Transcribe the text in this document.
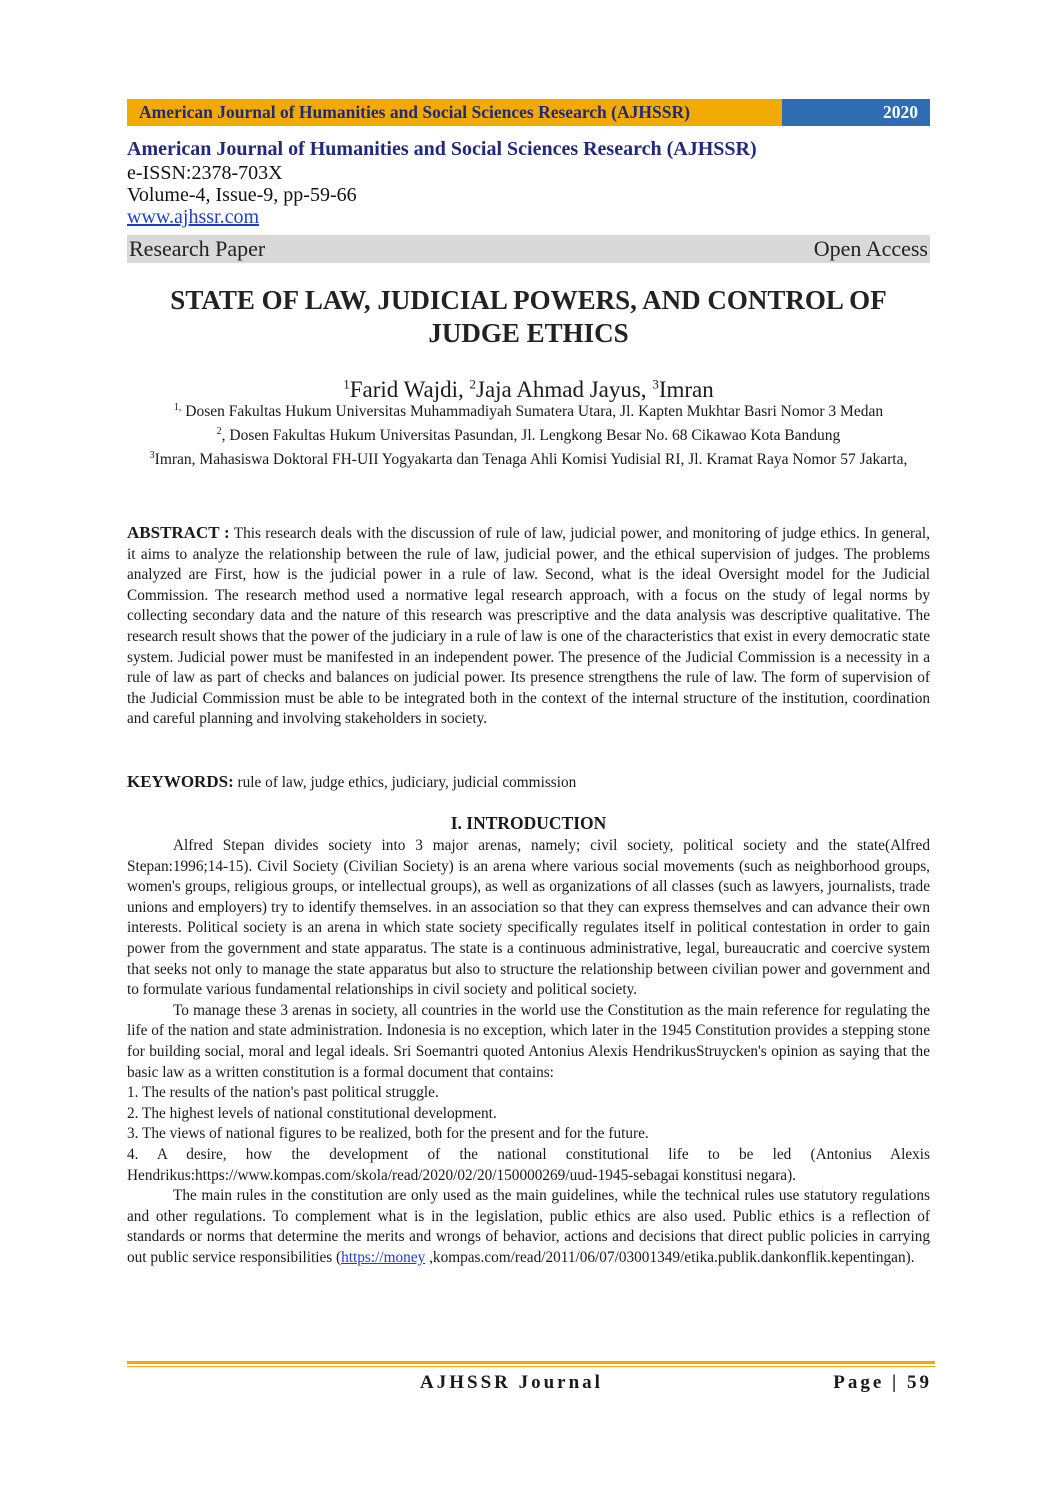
American Journal of Humanities and Social Sciences Research (AJHSSR)	2020
American Journal of Humanities and Social Sciences Research (AJHSSR)
e-ISSN:2378-703X
Volume-4, Issue-9, pp-59-66
www.ajhssr.com
Research Paper	Open Access
STATE OF LAW, JUDICIAL POWERS, AND CONTROL OF
JUDGE ETHICS
$^1$Farid Wajdi, $^2$Jaja Ahmad Jayus, $^3$Imran
$^{1,}$ Dosen Fakultas Hukum Universitas Muhammadiyah Sumatera Utara, Jl. Kapten Mukhtar Basri Nomor 3 Medan
$^2$, Dosen Fakultas Hukum Universitas Pasundan, Jl. Lengkong Besar No. 68 Cikawao Kota Bandung
$^3$Imran, Mahasiswa Doktoral FH-UII Yogyakarta dan Tenaga Ahli Komisi Yudisial RI, Jl. Kramat Raya Nomor 57 Jakarta,
ABSTRACT : This research deals with the discussion of rule of law, judicial power, and monitoring of judge ethics. In general, it aims to analyze the relationship between the rule of law, judicial power, and the ethical supervision of judges. The problems analyzed are First, how is the judicial power in a rule of law. Second, what is the ideal Oversight model for the Judicial Commission. The research method used a normative legal research approach, with a focus on the study of legal norms by collecting secondary data and the nature of this research was prescriptive and the data analysis was descriptive qualitative. The research result shows that the power of the judiciary in a rule of law is one of the characteristics that exist in every democratic state system. Judicial power must be manifested in an independent power. The presence of the Judicial Commission is a necessity in a rule of law as part of checks and balances on judicial power. Its presence strengthens the rule of law. The form of supervision of the Judicial Commission must be able to be integrated both in the context of the internal structure of the institution, coordination and careful planning and involving stakeholders in society.
KEYWORDS: rule of law, judge ethics, judiciary, judicial commission
I. INTRODUCTION

Alfred Stepan divides society into 3 major arenas, namely; civil society, political society and the state(Alfred Stepan:1996;14-15). Civil Society (Civilian Society) is an arena where various social movements (such as neighborhood groups, women's groups, religious groups, or intellectual groups), as well as organizations of all classes (such as lawyers, journalists, trade unions and employers) try to identify themselves. in an association so that they can express themselves and can advance their own interests. Political society is an arena in which state society specifically regulates itself in political contestation in order to gain power from the government and state apparatus. The state is a continuous administrative, legal, bureaucratic and coercive system that seeks not only to manage the state apparatus but also to structure the relationship between civilian power and government and to formulate various fundamental relationships in civil society and political society.

To manage these 3 arenas in society, all countries in the world use the Constitution as the main reference for regulating the life of the nation and state administration. Indonesia is no exception, which later in the 1945 Constitution provides a stepping stone for building social, moral and legal ideals. Sri Soemantri quoted Antonius Alexis HendrikusStruycken's opinion as saying that the basic law as a written constitution is a formal document that contains:

1. The results of the nation's past political struggle.
2. The highest levels of national constitutional development.
3. The views of national figures to be realized, both for the present and for the future.
4. A desire, how the development of the national constitutional life to be led (Antonius Alexis Hendrikus:https://www.kompas.com/skola/read/2020/02/20/150000269/uud-1945-sebagai konstitusi negara).

The main rules in the constitution are only used as the main guidelines, while the technical rules use statutory regulations and other regulations. To complement what is in the legislation, public ethics are also used. Public ethics is a reflection of standards or norms that determine the merits and wrongs of behavior, actions and decisions that direct public policies in carrying out public service responsibilities (https://money ,kompas.com/read/2011/06/07/03001349/etika.publik.dankonflik.kepentingan).

AJHSSR Journal	Page | 59
